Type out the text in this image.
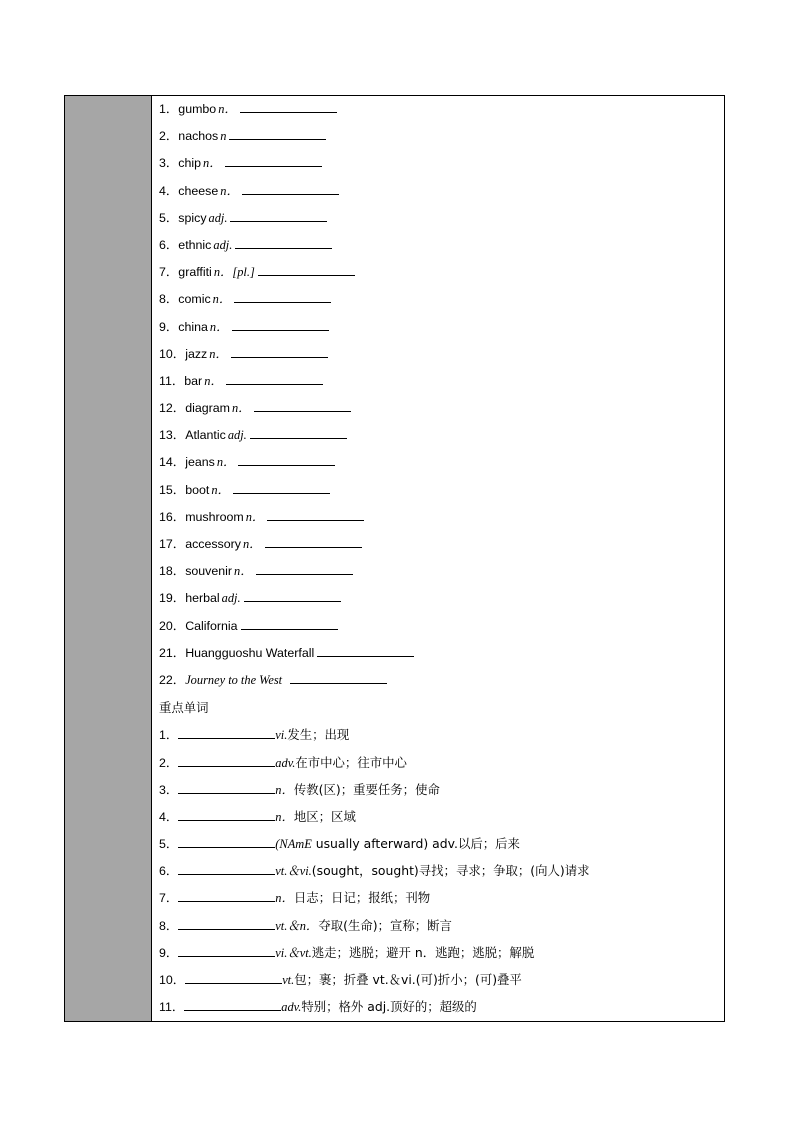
1．gumbo n．
2．nachos n
3．chip n．
4．cheese n．
5．spicy adj.
6．ethnic adj.
7．graffiti n．[pl.]
8．comic n．
9．china n．
10．jazz n．
11．bar n．
12．diagram n．
13．Atlantic adj.
14．jeans n．
15．boot n．
16．mushroom n．
17．accessory n．
18．souvenir n．
19．herbal adj.
20．California
21．Huangguoshu Waterfall
22．Journey to the West
重点单词
1．	vi.发生；出现
2．	adv.在市中心；往市中心
3．	n．传教(区)；重要任务；使命
4．	n．地区；区域
5．	(NAmE usually afterward) adv.以后；后来
6．	vt.＆vi.(sought，sought)寻找；寻求；争取；(向人)请求
7．	n．日志；日记；报纸；刊物
8．	vt.＆n．夺取(生命)；宣称；断言
9．	vi.＆vt.逃走；逃脱；避开 n．逃跑；逃脱；解脱
10．	vt.包；裹；折叠 vt.＆vi.(可)折小；(可)叠平
11．	adv.特别；格外 adj.顶好的；超级的
